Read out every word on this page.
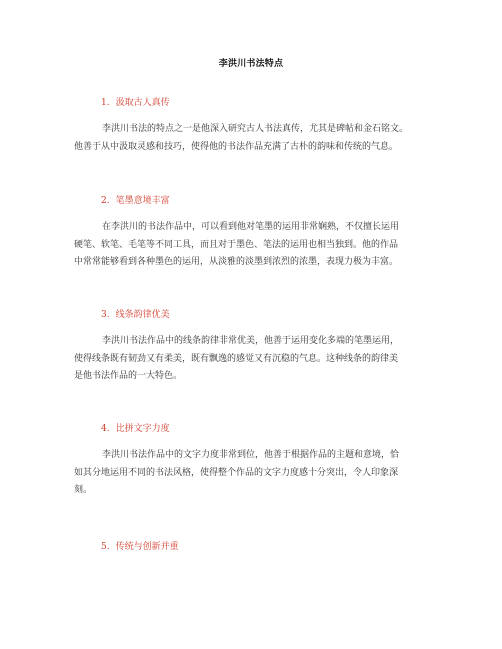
李洪川书法特点
1. 汲取古人真传
李洪川书法的特点之一是他深入研究古人书法真传，尤其是碑帖和金石铭文。
他善于从中汲取灵感和技巧，使得他的书法作品充满了古朴的韵味和传统的气息。
2. 笔墨意境丰富
在李洪川的书法作品中，可以看到他对笔墨的运用非常娴熟，不仅擅长运用
硬笔、软笔、毛笔等不同工具，而且对于墨色、笔法的运用也相当独到。他的作品
中常常能够看到各种墨色的运用，从淡雅的淡墨到浓烈的浓墨，表现力极为丰富。
3. 线条韵律优美
李洪川书法作品中的线条韵律非常优美，他善于运用变化多端的笔墨运用，
使得线条既有韧劲又有柔美，既有飘逸的感觉又有沉稳的气息。这种线条的韵律美
是他书法作品的一大特色。
4. 比拼文字力度
李洪川书法作品中的文字力度非常到位，他善于根据作品的主题和意境，恰
如其分地运用不同的书法风格，使得整个作品的文字力度感十分突出，令人印象深
刻。
5. 传统与创新并重
